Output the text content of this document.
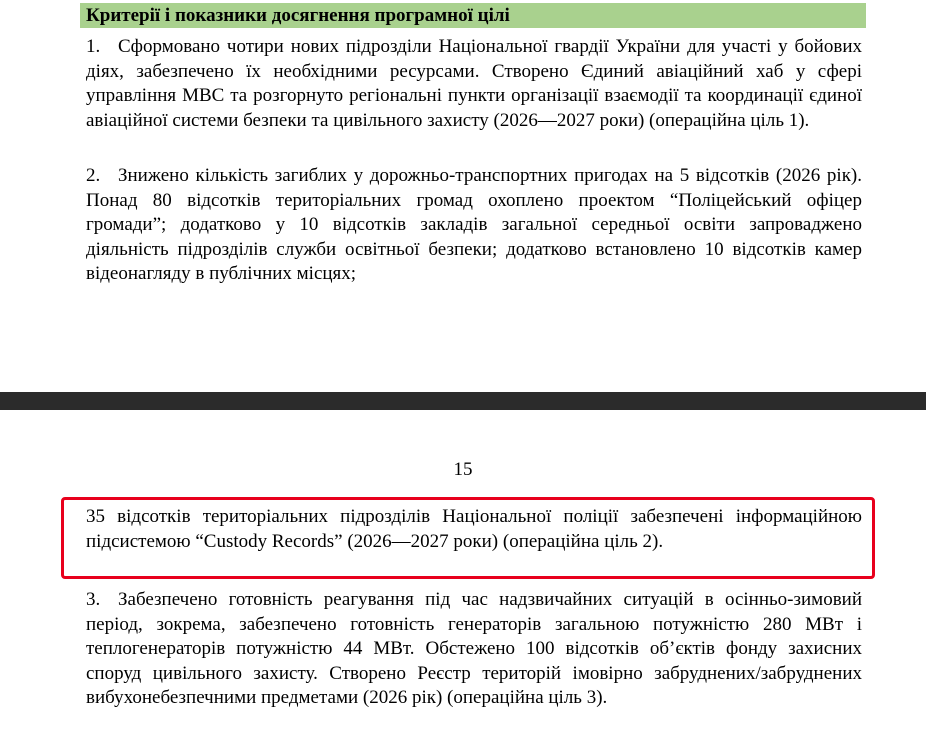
Критерії і показники досягнення програмної цілі

1. Сформовано чотири нових підрозділи Національної гвардії України для участі у бойових діях, забезпечено їх необхідними ресурсами. Створено Єдиний авіаційний хаб у сфері управління МВС та розгорнуто регіональні пункти організації взаємодії та координації єдиної авіаційної системи безпеки та цивільного захисту (2026—2027 роки) (операційна ціль 1).

2. Знижено кількість загиблих у дорожньо-транспортних пригодах на 5 відсотків (2026 рік). Понад 80 відсотків територіальних громад охоплено проектом “Поліцейський офіцер громади”; додатково у 10 відсотків закладів загальної середньої освіти запроваджено діяльність підрозділів служби освітньої безпеки; додатково встановлено 10 відсотків камер відеонагляду в публічних місцях;

15

35 відсотків територіальних підрозділів Національної поліції забезпечені інформаційною підсистемою “Custody Records” (2026—2027 роки) (операційна ціль 2).

3. Забезпечено готовність реагування під час надзвичайних ситуацій в осінньо-зимовий період, зокрема, забезпечено готовність генераторів загальною потужністю 280 МВт і теплогенераторів потужністю 44 МВт. Обстежено 100 відсотків об’єктів фонду захисних споруд цивільного захисту. Створено Реєстр територій імовірно забруднених/забруднених вибухонебезпечними предметами (2026 рік) (операційна ціль 3).
